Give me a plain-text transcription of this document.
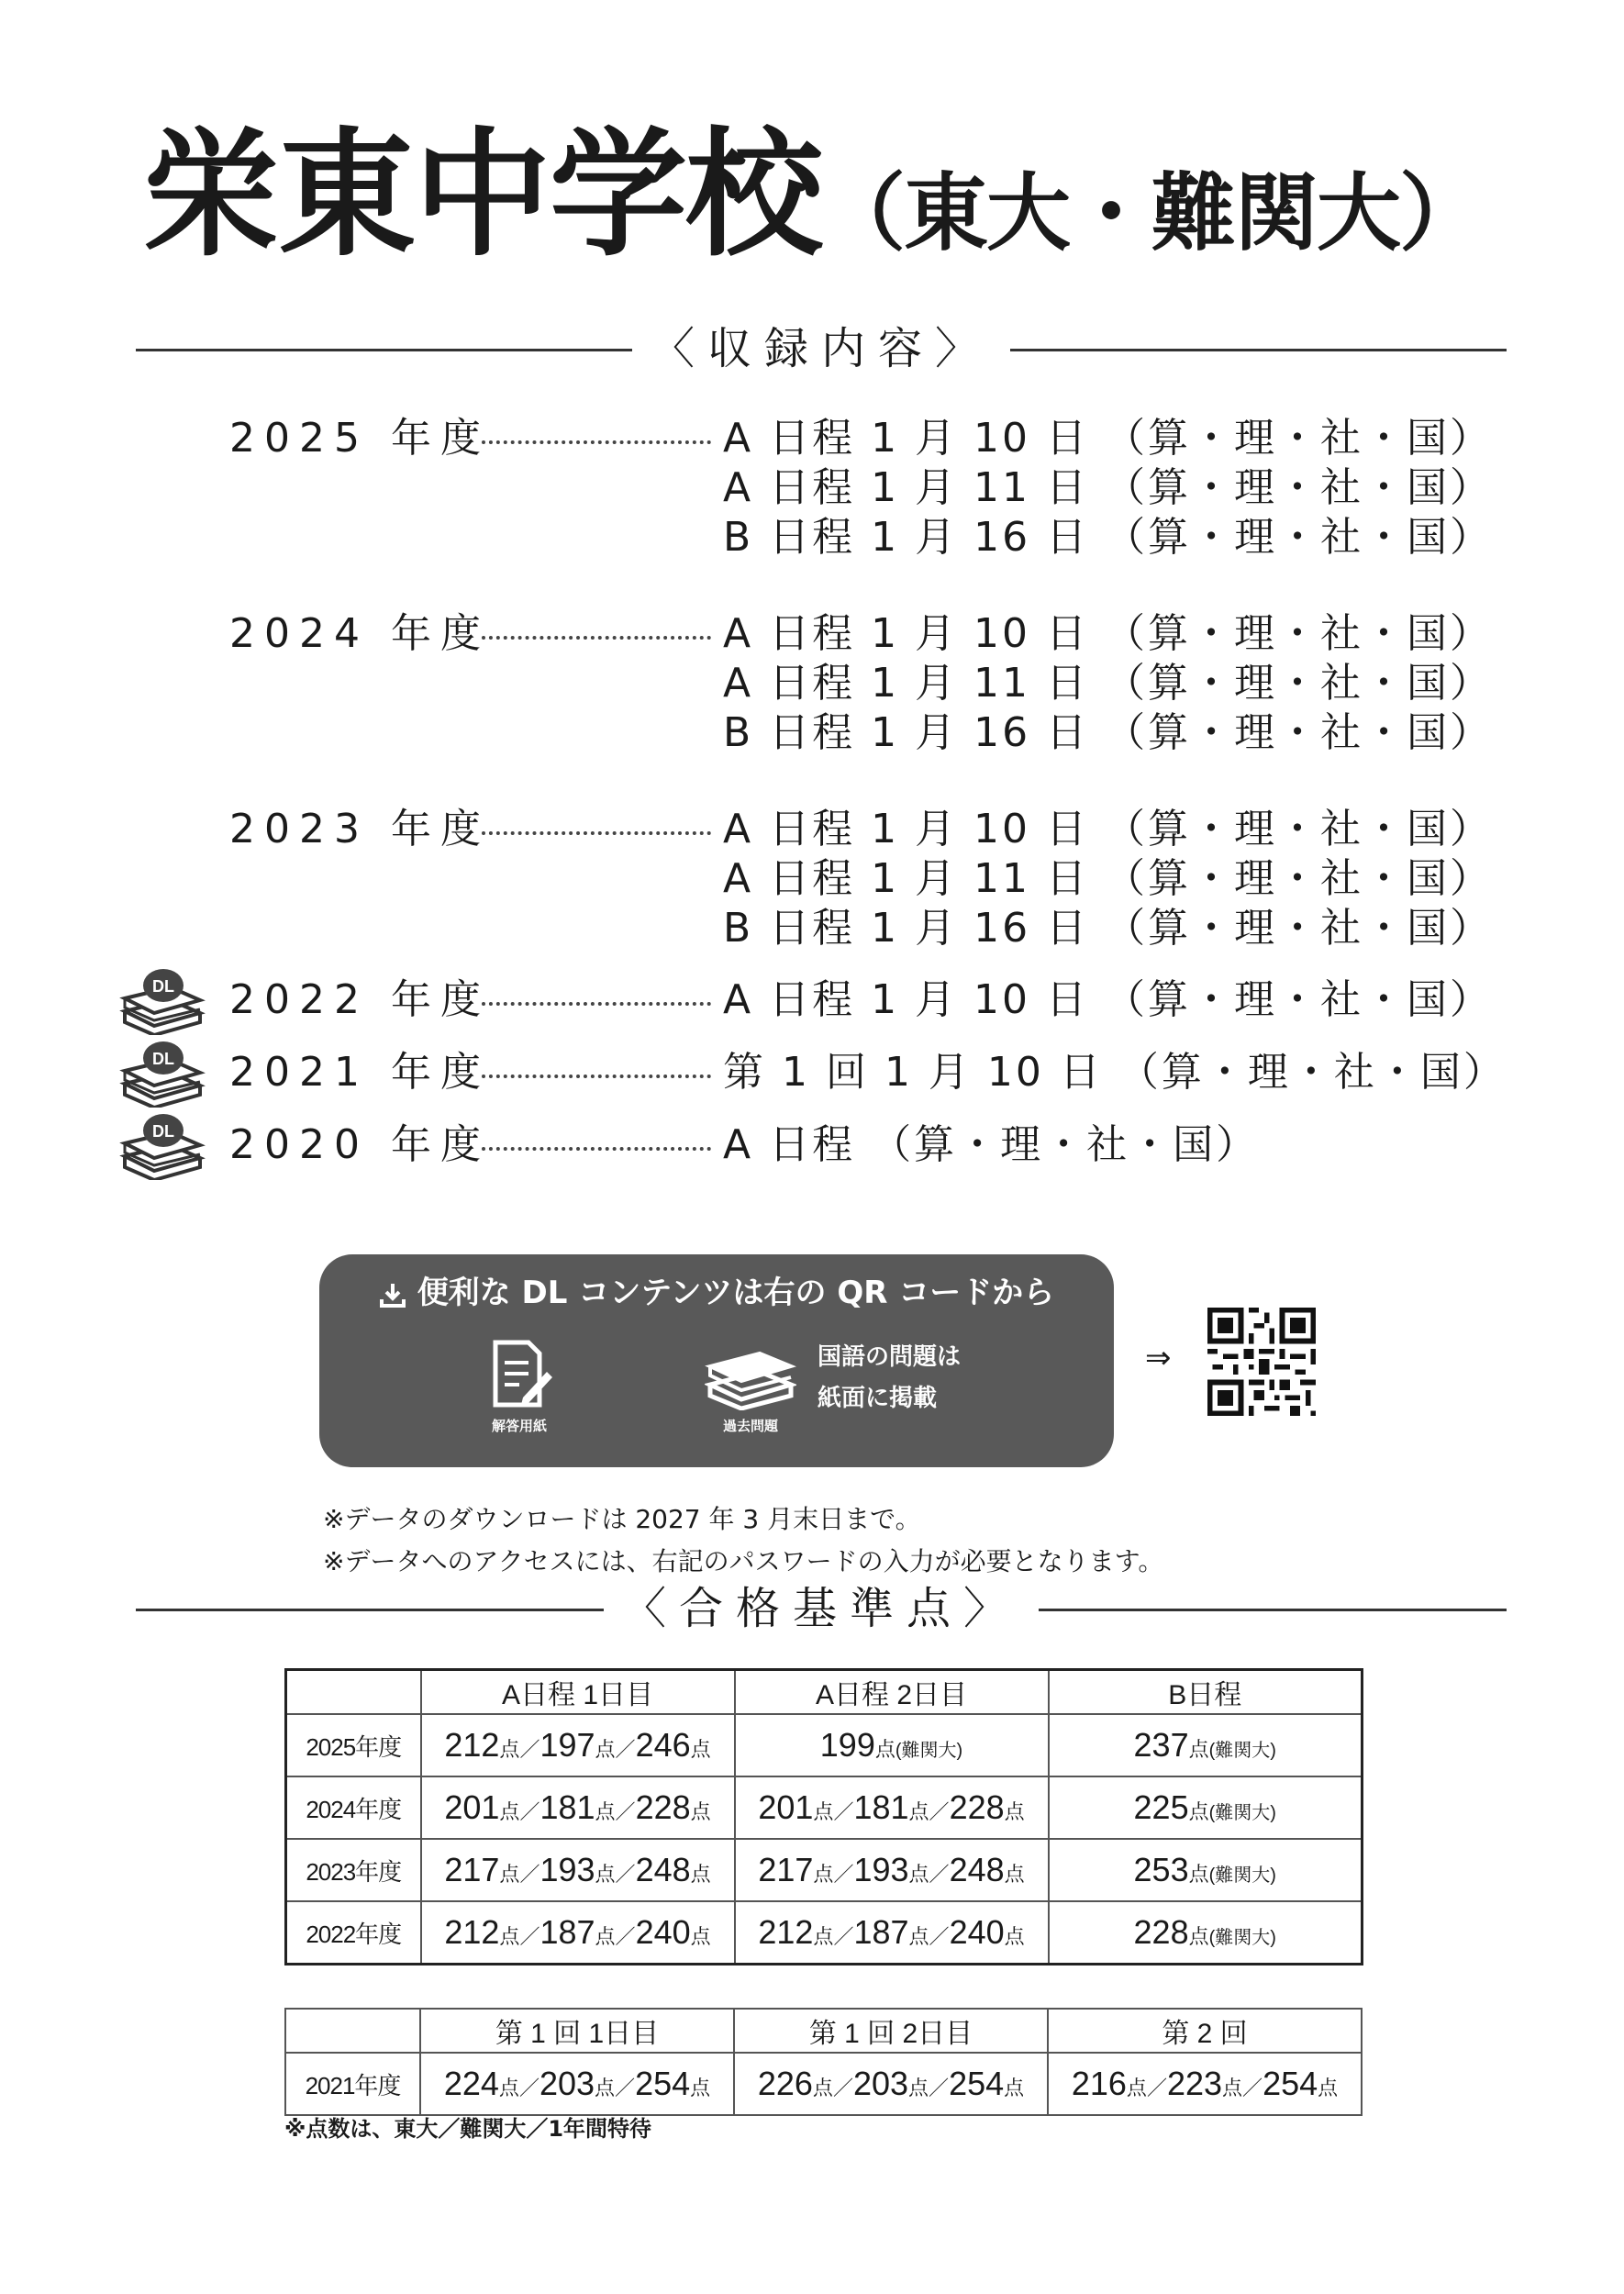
栄東中学校（東大・難関大）
〈収録内容〉
2025 年度	A 日程 1 月 10 日 （算・理・社・国）
A 日程 1 月 11 日 （算・理・社・国）
B 日程 1 月 16 日 （算・理・社・国）
2024 年度	A 日程 1 月 10 日 （算・理・社・国）
A 日程 1 月 11 日 （算・理・社・国）
B 日程 1 月 16 日 （算・理・社・国）
2023 年度	A 日程 1 月 10 日 （算・理・社・国）
A 日程 1 月 11 日 （算・理・社・国）
B 日程 1 月 16 日 （算・理・社・国）
DL 2022 年度	A 日程 1 月 10 日 （算・理・社・国）
DL 2021 年度	第 1 回 1 月 10 日 （算・理・社・国）
DL 2020 年度	A 日程 （算・理・社・国）
便利な DL コンテンツは右の QR コードから
解答用紙	過去問題
国語の問題は
紙面に掲載
⇒
※データのダウンロードは 2027 年 3 月末日まで。
※データへのアクセスには、右記のパスワードの入力が必要となります。
〈合格基準点〉
	A日程 1日目	A日程 2日目	B日程
2025年度	212点／197点／246点	199点(難関大)	237点(難関大)
2024年度	201点／181点／228点	201点／181点／228点	225点(難関大)
2023年度	217点／193点／248点	217点／193点／248点	253点(難関大)
2022年度	212点／187点／240点	212点／187点／240点	228点(難関大)
	第 1 回 1日目	第 1 回 2日目	第 2 回
2021年度	224点／203点／254点	226点／203点／254点	216点／223点／254点
※点数は、東大／難関大／1年間特待
